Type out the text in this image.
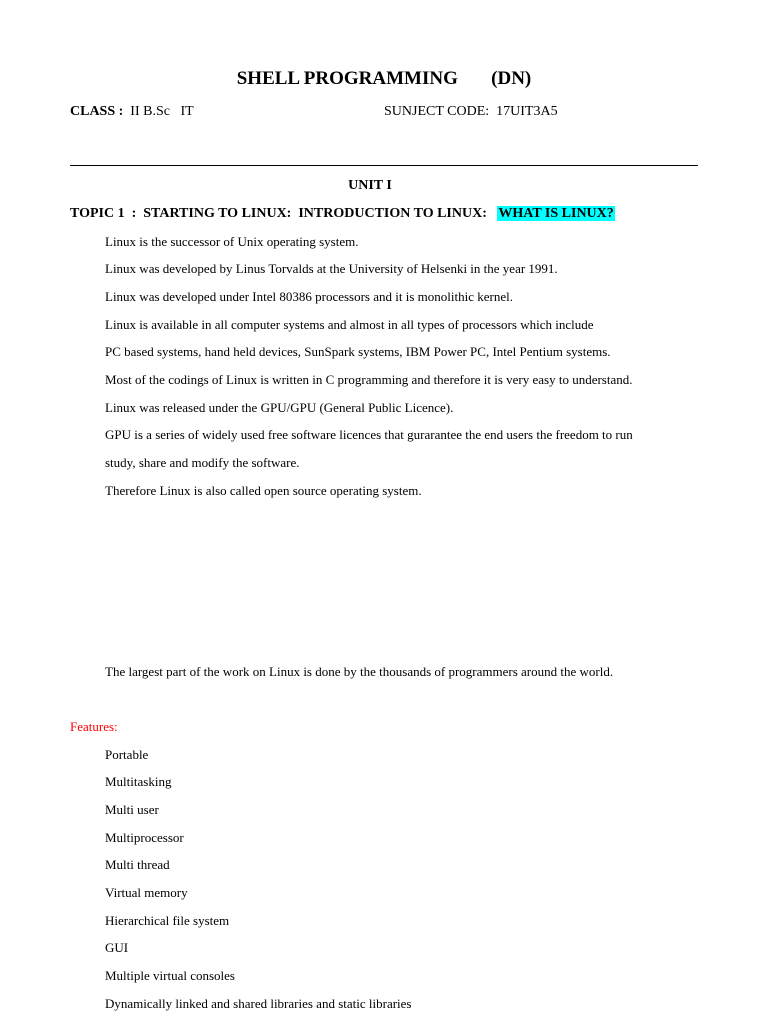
SHELL PROGRAMMING (DN)
CLASS : II B.Sc   IT	SUNJECT CODE: 17UIT3A5
UNIT I
TOPIC 1  :  STARTING TO LINUX:  INTRODUCTION TO LINUX:   WHAT IS LINUX?
Linux is the successor of Unix operating system.
Linux was developed by Linus Torvalds at the University of Helsenki in the year 1991.
Linux was developed under Intel 80386 processors and it is monolithic kernel.
Linux is available in all computer systems and almost in all types of processors which include
PC based systems, hand held devices, SunSpark systems, IBM Power PC, Intel Pentium systems.
Most of the codings of Linux is written in C programming and therefore it is very easy to understand.
Linux was released under the GPU/GPU (General Public Licence).
GPU is a series of widely used free software licences that gurarantee the end users the freedom to run
study, share and modify the software.
Therefore Linux is also called open source operating system.
The largest part of the work on Linux is done by the thousands of programmers around the world.
Features:
Portable
Multitasking
Multi user
Multiprocessor
Multi thread
Virtual memory
Hierarchical file system
GUI
Multiple virtual consoles
Dynamically linked and shared libraries and static libraries
